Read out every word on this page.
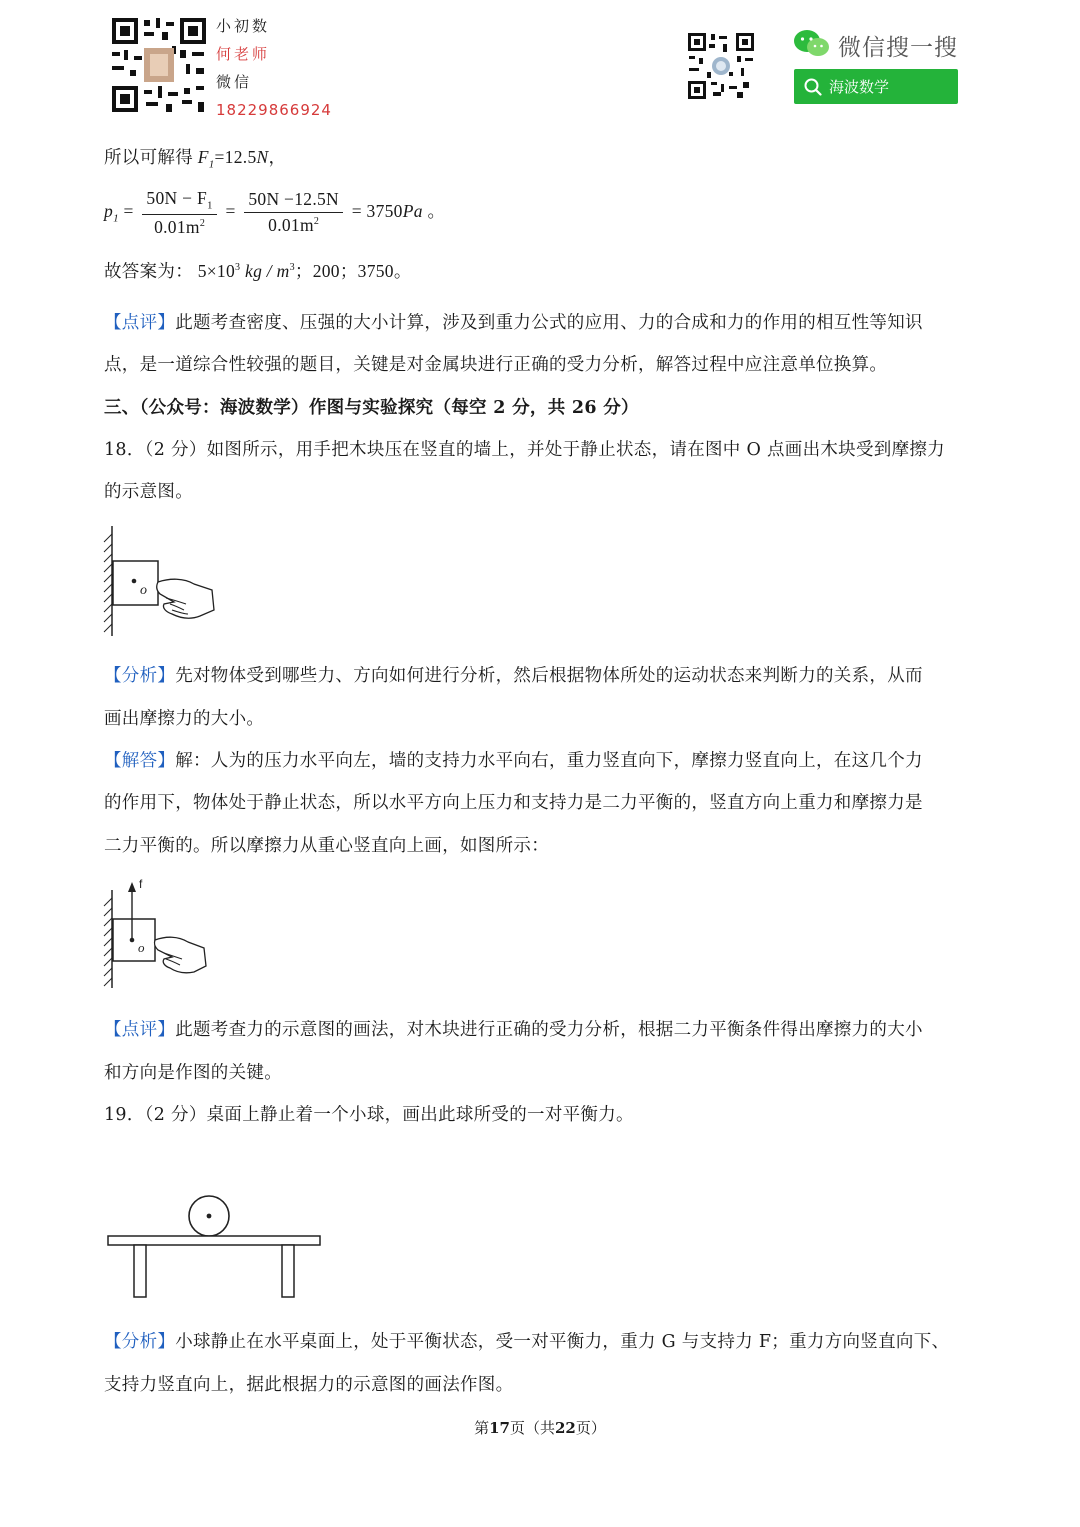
小初数
何老师
微信
18229866924
微信搜一搜
海波数学
所以可解得 $F_1=12.5N$，
$p_1 = \frac{50N - F_1}{0.01m^2} = \frac{50N -12.5N}{0.01m^2} = 3750Pa$ 。
故答案为： $5\times 10^3$ kg / $m^3$；200；3750。
【点评】此题考查密度、压强的大小计算，涉及到重力公式的应用、力的合成和力的作用的相互性等知识
点，是一道综合性较强的题目，关键是对金属块进行正确的受力分析，解答过程中应注意单位换算。
三、（公众号：海波数学）作图与实验探究（每空 2 分，共 26 分）
18．（2 分）如图所示，用手把木块压在竖直的墙上，并处于静止状态，请在图中 O 点画出木块受到摩擦力
的示意图。
o
【分析】先对物体受到哪些力、方向如何进行分析，然后根据物体所处的运动状态来判断力的关系，从而
画出摩擦力的大小。
【解答】解：人为的压力水平向左，墙的支持力水平向右，重力竖直向下，摩擦力竖直向上，在这几个力
的作用下，物体处于静止状态，所以水平方向上压力和支持力是二力平衡的，竖直方向上重力和摩擦力是
二力平衡的。所以摩擦力从重心竖直向上画，如图所示：
f
o
【点评】此题考查力的示意图的画法，对木块进行正确的受力分析，根据二力平衡条件得出摩擦力的大小
和方向是作图的关键。
19．（2 分）桌面上静止着一个小球，画出此球所受的一对平衡力。
【分析】小球静止在水平桌面上，处于平衡状态，受一对平衡力，重力 G 与支持力 F；重力方向竖直向下、
支持力竖直向上，据此根据力的示意图的画法作图。
第17页（共22页）
